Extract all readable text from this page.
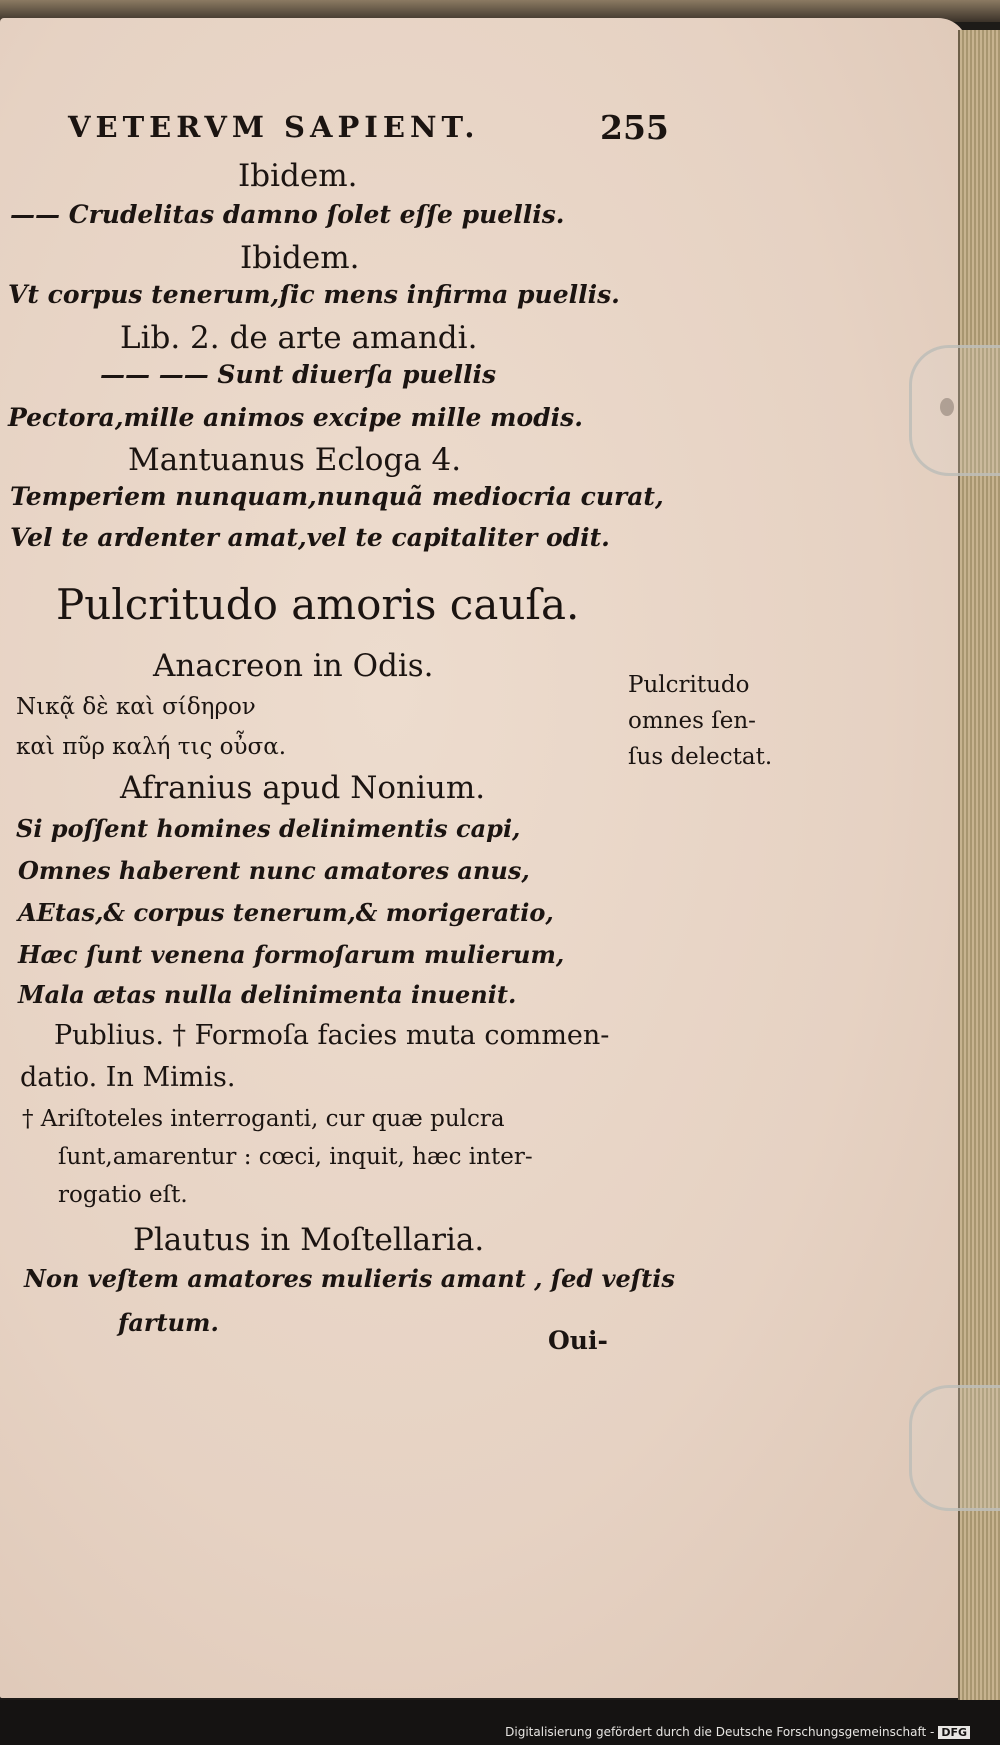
VETERVM SAPIENT.	255
Ibidem.
—— Crudelitas damno ſolet eſſe puellis.
Ibidem.
Vt corpus tenerum,ſic mens infirma puellis.
Lib. 2. de arte amandi.
—— —— Sunt diuerſa puellis
Pectora,mille animos excipe mille modis.
Mantuanus Ecloga 4.
Temperiem nunquam,nunquã mediocria curat,
Vel te ardenter amat,vel te capitaliter odit.
Pulcritudo amoris cauſa.
Anacreon in Odis.
Νικᾷ δὲ καὶ σίδηρον
καὶ πῦρ καλή τις οὖσα.
Afranius apud Nonium.
Si poſſent homines delinimentis capi,
Omnes haberent nunc amatores anus,
AEtas,& corpus tenerum,& morigeratio,
Hæc ſunt venena formoſarum mulierum,
Mala ætas nulla delinimenta inuenit.
Publius. † Formoſa facies muta commen-
datio. In Mimis.
† Ariſtoteles interroganti, cur quæ pulcra
ſunt,amarentur : cœci, inquit, hæc inter-
rogatio eſt.
Plautus in Moſtellaria.
Non veſtem amatores mulieris amant , ſed veſtis
fartum.
Oui-
Pulcritudo
omnes ſen-
ſus delectat.
Digitalisierung gefördert durch die Deutsche Forschungsgemeinschaft - DFG
